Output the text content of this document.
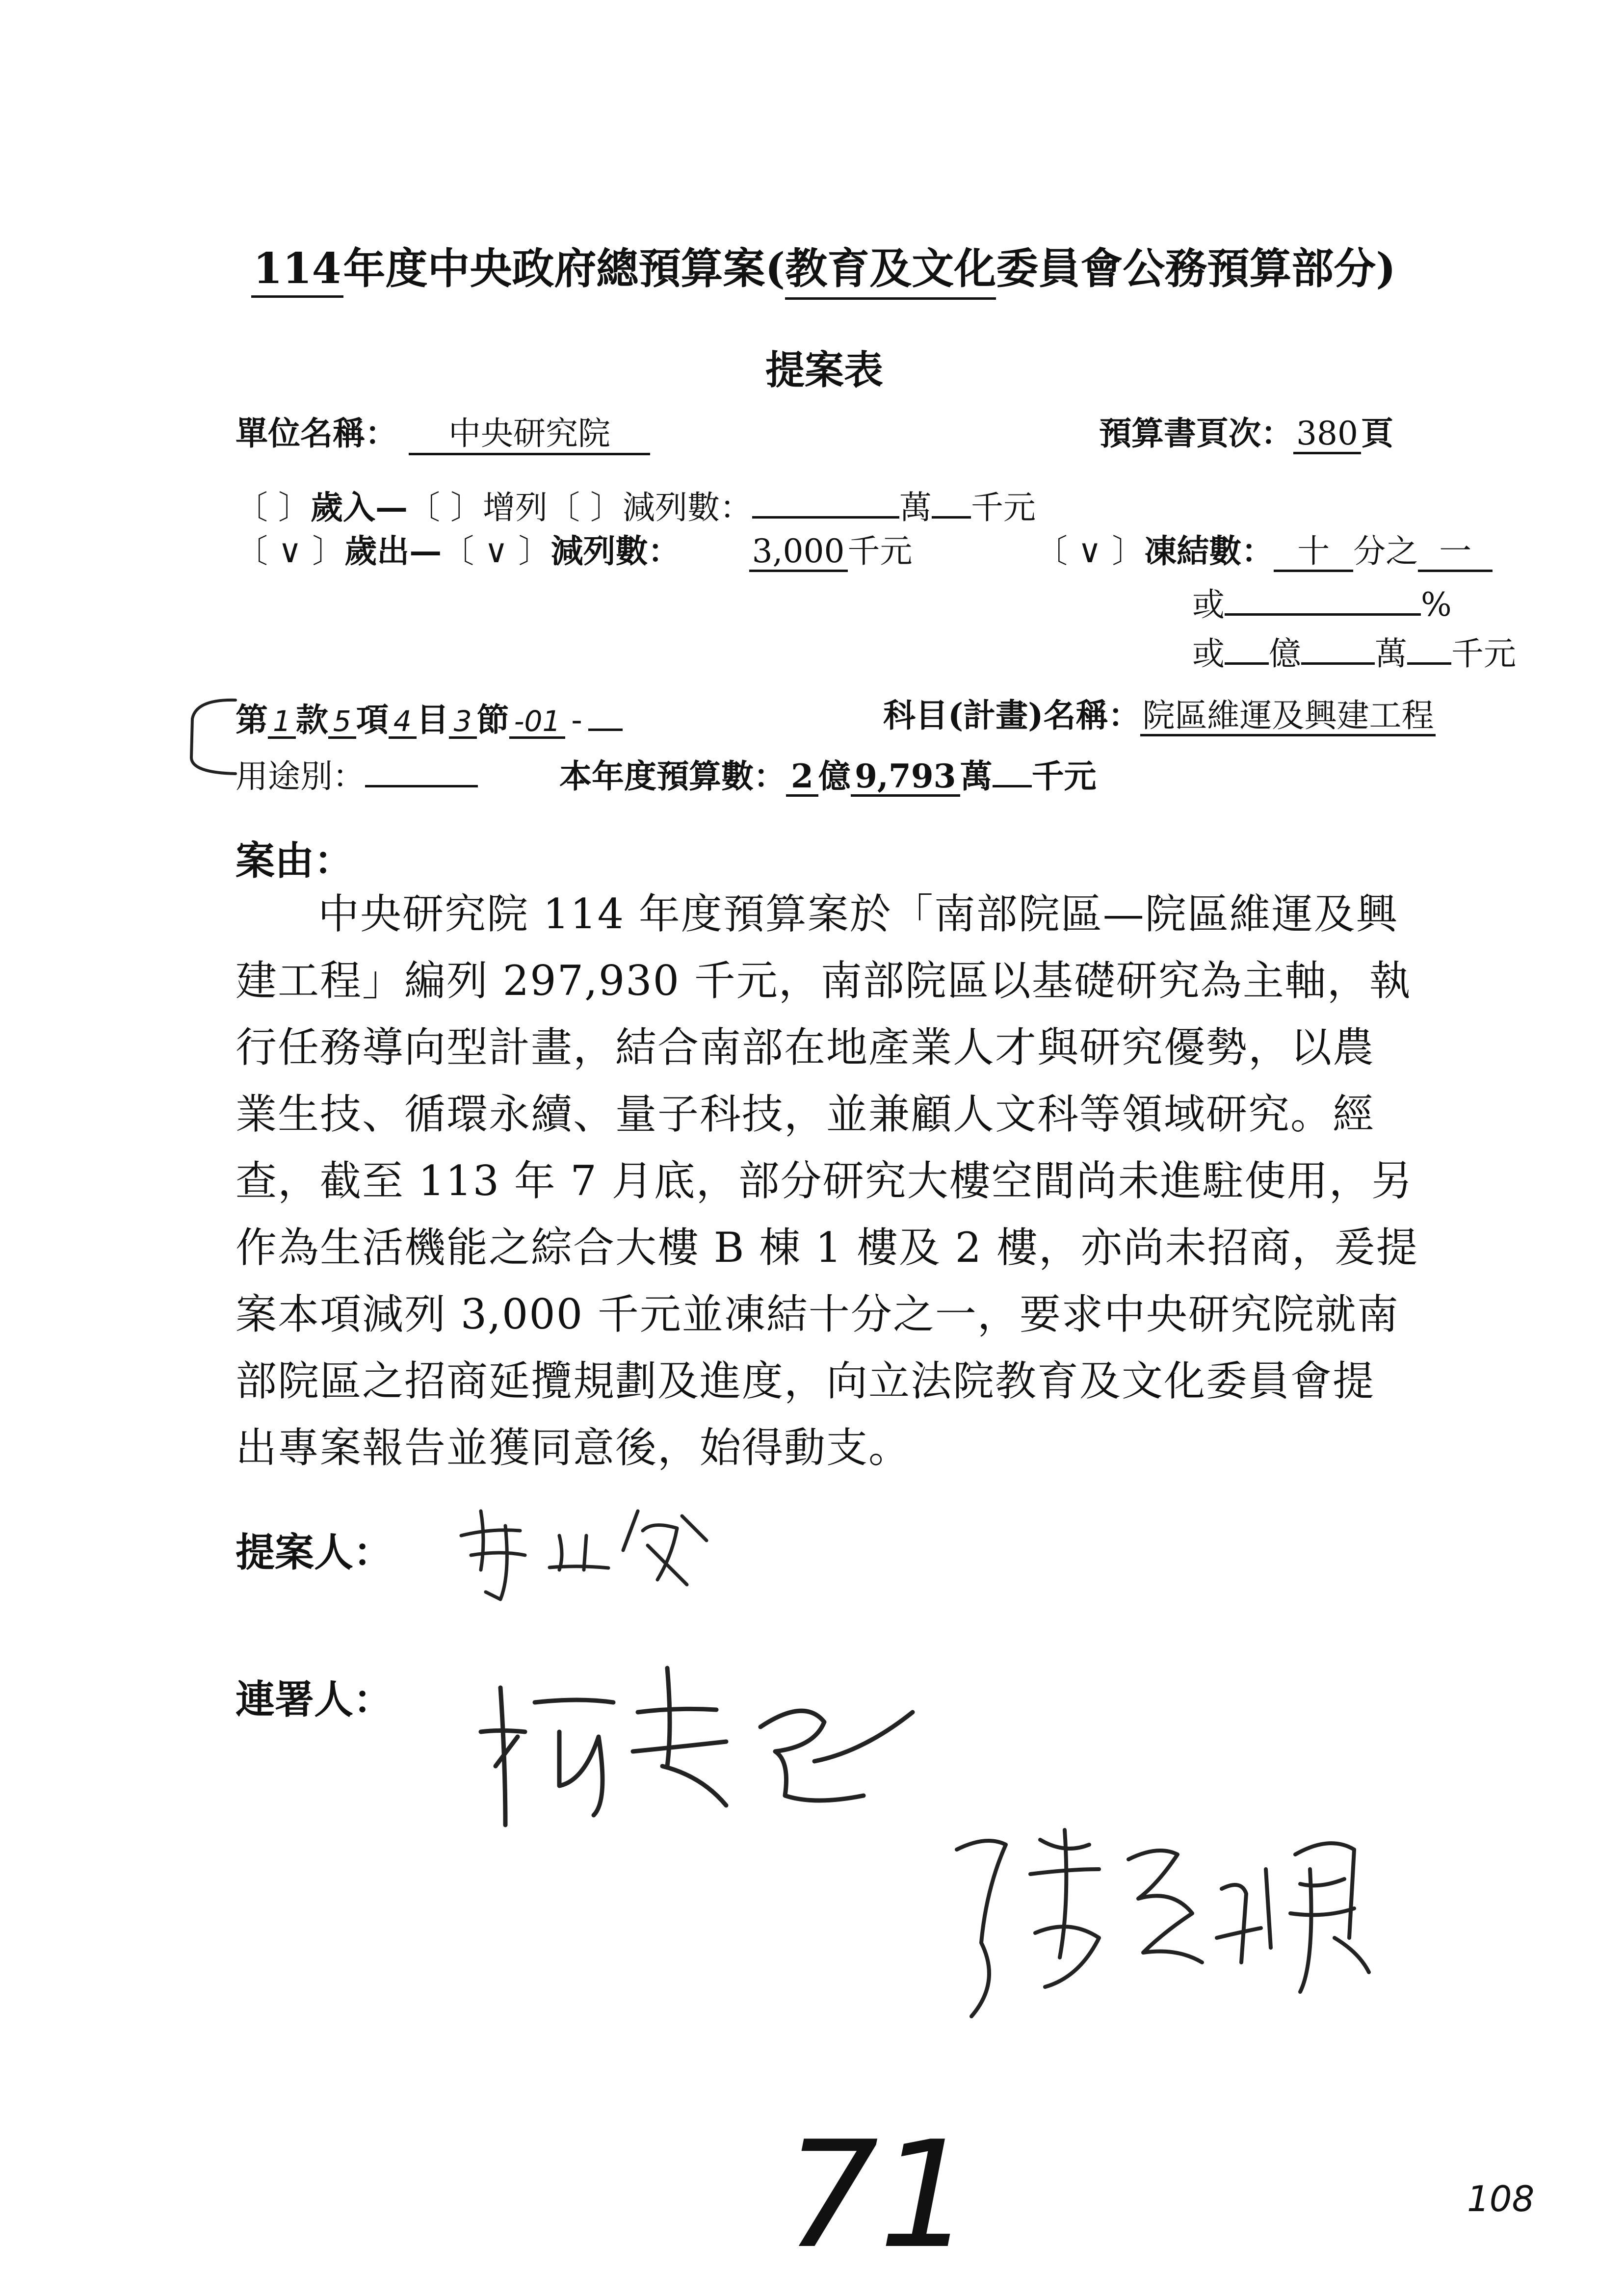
114年度中央政府總預算案(教育及文化委員會公務預算部分)
提案表
單位名稱： 中央研究院	預算書頁次：380頁
〔 〕歲入—〔 〕增列〔 〕減列數：	萬 千元
〔 ∨ 〕歲出—〔 ∨ 〕減列數： 3,000千元	〔 ∨ 〕凍結數： 十 分之 一
或	%
或 億 萬 千元
第 1 款 5 項 4 目 3 節 -01 -	科目(計畫)名稱：院區維運及興建工程
用途別：	本年度預算數： 2 億 9,793 萬 千元
案由：
中央研究院 114 年度預算案於「南部院區—院區維運及興
建工程」編列 297,930 千元，南部院區以基礎研究為主軸，執
行任務導向型計畫，結合南部在地產業人才與研究優勢，以農
業生技、循環永續、量子科技，並兼顧人文科等領域研究。經
查，截至 113 年 7 月底，部分研究大樓空間尚未進駐使用，另
作為生活機能之綜合大樓 B 棟 1 樓及 2 樓，亦尚未招商，爰提
案本項減列 3,000 千元並凍結十分之一，要求中央研究院就南
部院區之招商延攬規劃及進度，向立法院教育及文化委員會提
出專案報告並獲同意後，始得動支。
提案人：
連署人：
71	108
